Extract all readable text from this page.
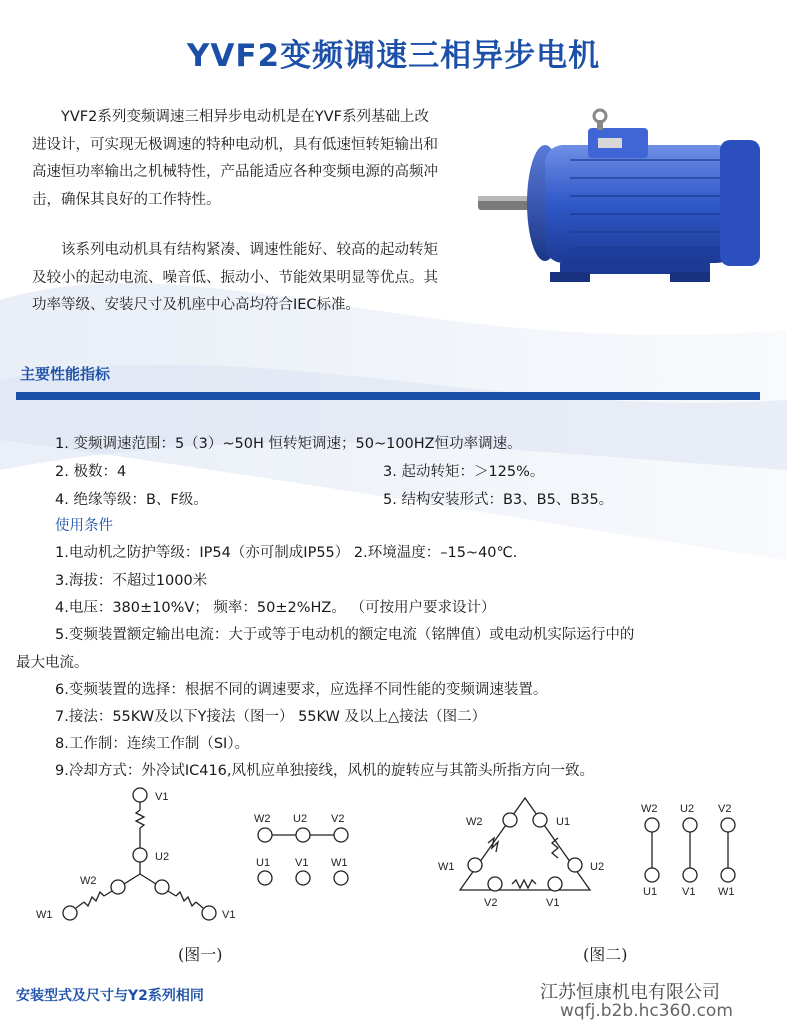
YVF2变频调速三相异步电机

YVF2系列变频调速三相异步电动机是在YVF系列基础上改进设计，可实现无极调速的特种电动机，具有低速恒转矩输出和高速恒功率输出之机械特性，产品能适应各种变频电源的高频冲击，确保其良好的工作特性。

该系列电动机具有结构紧凑、调速性能好、较高的起动转矩及较小的起动电流、噪音低、振动小、节能效果明显等优点。其功率等级、安装尺寸及机座中心高均符合IEC标准。

主要性能指标
1. 变频调速范围：5（3）~50H 恒转矩调速；50~100HZ恒功率调速。
2. 极数：4	3. 起动转矩：＞125%。
4. 绝缘等级：B、F级。	5. 结构安装形式：B3、B5、B35。
使用条件
1.电动机之防护等级：IP54（亦可制成IP55） 2.环境温度：–15~40℃.
3.海拔：不超过1000米
4.电压：380±10%V； 频率：50±2%HZ。 （可按用户要求设计）
5.变频装置额定输出电流：大于或等于电动机的额定电流（铭牌值）或电动机实际运行中的
最大电流。
6.变频装置的选择：根据不同的调速要求，应选择不同性能的变频调速装置。
7.接法：55KW及以下Y接法（图一） 55KW 及以上△接法（图二）
8.工作制：连续工作制（SI）。
9.冷却方式：外冷试IC416,风机应单独接线，风机的旋转应与其箭头所指方向一致。
V1
U2
W2
W1	V1
W2 U2 V2
U1 V1 W1
W2	U1
W1	U2
V2	V1
W2 U2 V2
U1 V1 W1
(图一)	(图二)
安装型式及尺寸与Y2系列相同	江苏恒康机电有限公司
wqfj.b2b.hc360.com
